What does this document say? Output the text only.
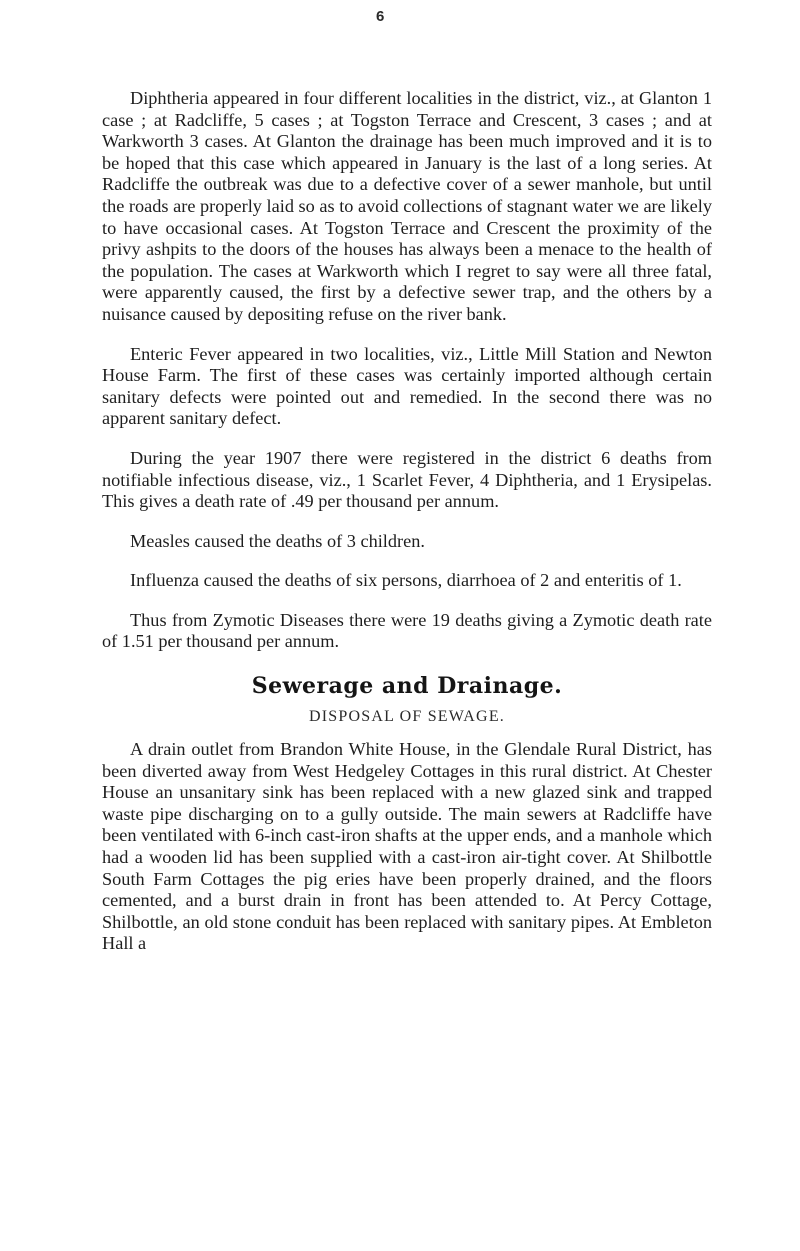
6

Diphtheria appeared in four different localities in the district, viz., at Glanton 1 case ; at Radcliffe, 5 cases ; at Togston Terrace and Crescent, 3 cases ; and at Warkworth 3 cases. At Glanton the drainage has been much improved and it is to be hoped that this case which appeared in January is the last of a long series. At Radcliffe the outbreak was due to a defective cover of a sewer manhole, but until the roads are properly laid so as to avoid collections of stagnant water we are likely to have occasional cases. At Togston Terrace and Crescent the proximity of the privy ashpits to the doors of the houses has always been a menace to the health of the population. The cases at Warkworth which I regret to say were all three fatal, were apparently caused, the first by a defective sewer trap, and the others by a nuisance caused by depositing refuse on the river bank.

Enteric Fever appeared in two localities, viz., Little Mill Station and Newton House Farm. The first of these cases was certainly imported although certain sanitary defects were pointed out and remedied. In the second there was no apparent sanitary defect.

During the year 1907 there were registered in the district 6 deaths from notifiable infectious disease, viz., 1 Scarlet Fever, 4 Diphtheria, and 1 Erysipelas. This gives a death rate of .49 per thousand per annum.

Measles caused the deaths of 3 children.

Influenza caused the deaths of six persons, diarrhoea of 2 and enteritis of 1.

Thus from Zymotic Diseases there were 19 deaths giving a Zymotic death rate of 1.51 per thousand per annum.

Sewerage and Drainage.
DISPOSAL OF SEWAGE.

A drain outlet from Brandon White House, in the Glendale Rural District, has been diverted away from West Hedgeley Cottages in this rural district. At Chester House an unsanitary sink has been replaced with a new glazed sink and trapped waste pipe discharging on to a gully outside. The main sewers at Radcliffe have been ventilated with 6-inch cast-iron shafts at the upper ends, and a manhole which had a wooden lid has been supplied with a cast-iron air-tight cover. At Shilbottle South Farm Cottages the pig eries have been properly drained, and the floors cemented, and a burst drain in front has been attended to. At Percy Cottage, Shilbottle, an old stone conduit has been replaced with sanitary pipes. At Embleton Hall a
